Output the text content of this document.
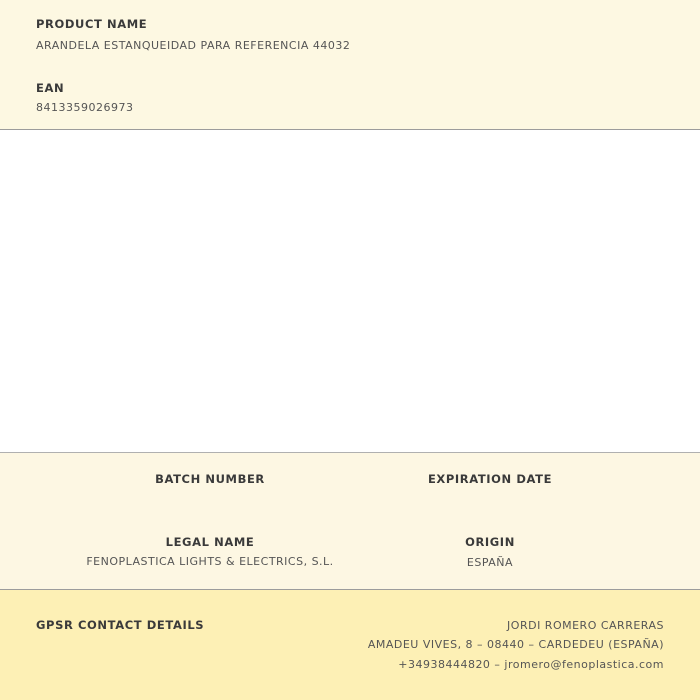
PRODUCT NAME
ARANDELA ESTANQUEIDAD PARA REFERENCIA 44032
EAN
8413359026973
BATCH NUMBER	EXPIRATION DATE
LEGAL NAME
FENOPLASTICA LIGHTS & ELECTRICS, S.L.
ORIGIN
ESPAÑA
GPSR CONTACT DETAILS	JORDI ROMERO CARRERAS
AMADEU VIVES, 8 – 08440 – CARDEDEU (ESPAÑA)
+34938444820 – jromero@fenoplastica.com
